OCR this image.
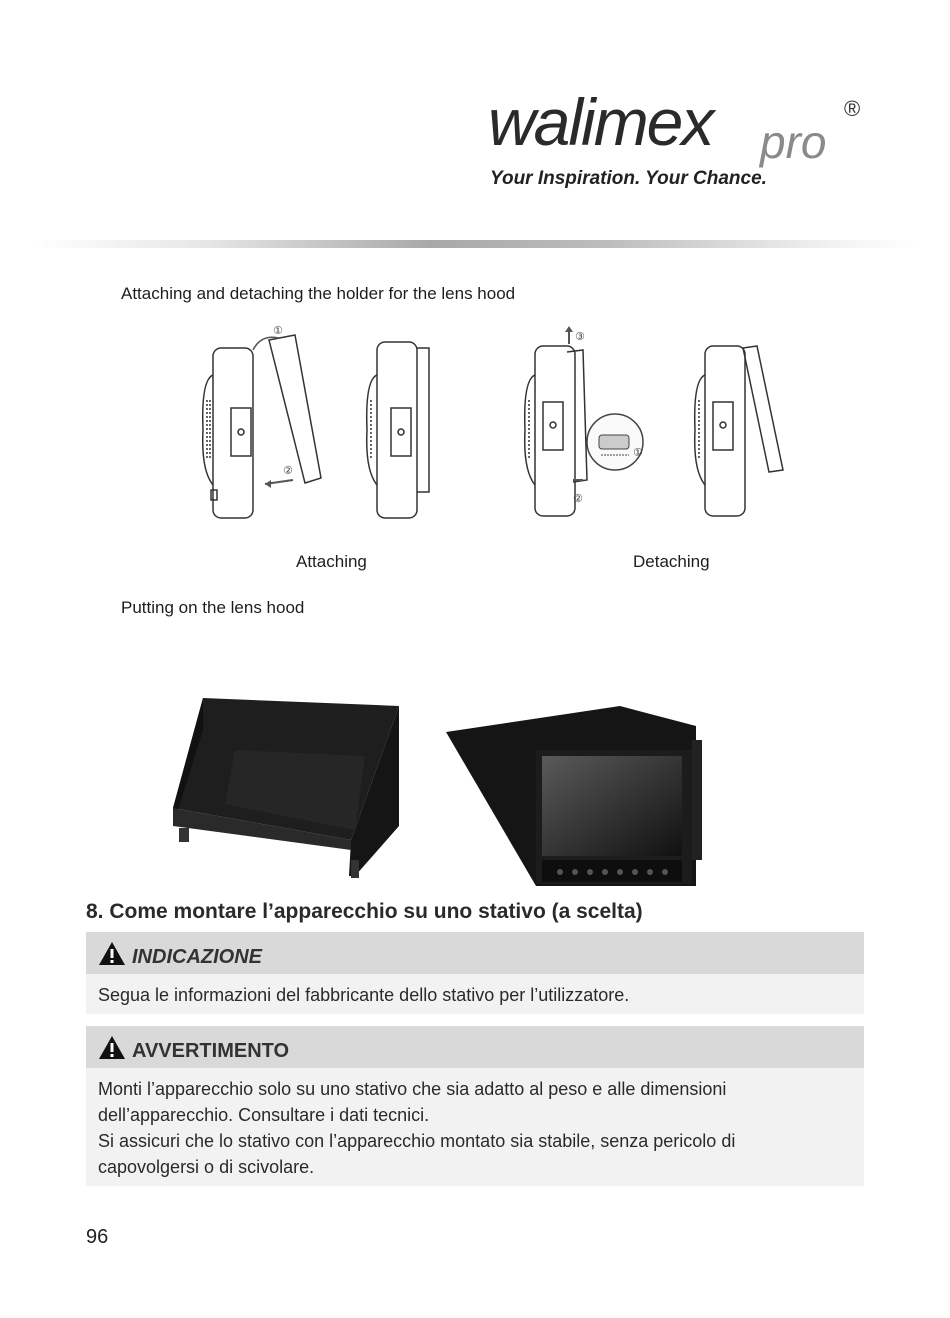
walimex pro
®
Your Inspiration. Your Chance.
Attaching and detaching the holder for the lens hood
①
②
③
①
②
Attaching	Detaching
Putting on the lens hood
8. Come montare l’apparecchio su uno stativo (a scelta)
INDICAZIONE
Segua le informazioni del fabbricante dello stativo per l’utilizzatore.
AVVERTIMENTO
Monti l’apparecchio solo su uno stativo che sia adatto al peso e alle dimensioni
dell’apparecchio. Consultare i dati tecnici.
Si assicuri che lo stativo con l’apparecchio montato sia stabile, senza pericolo di
capovolgersi o di scivolare.
96
